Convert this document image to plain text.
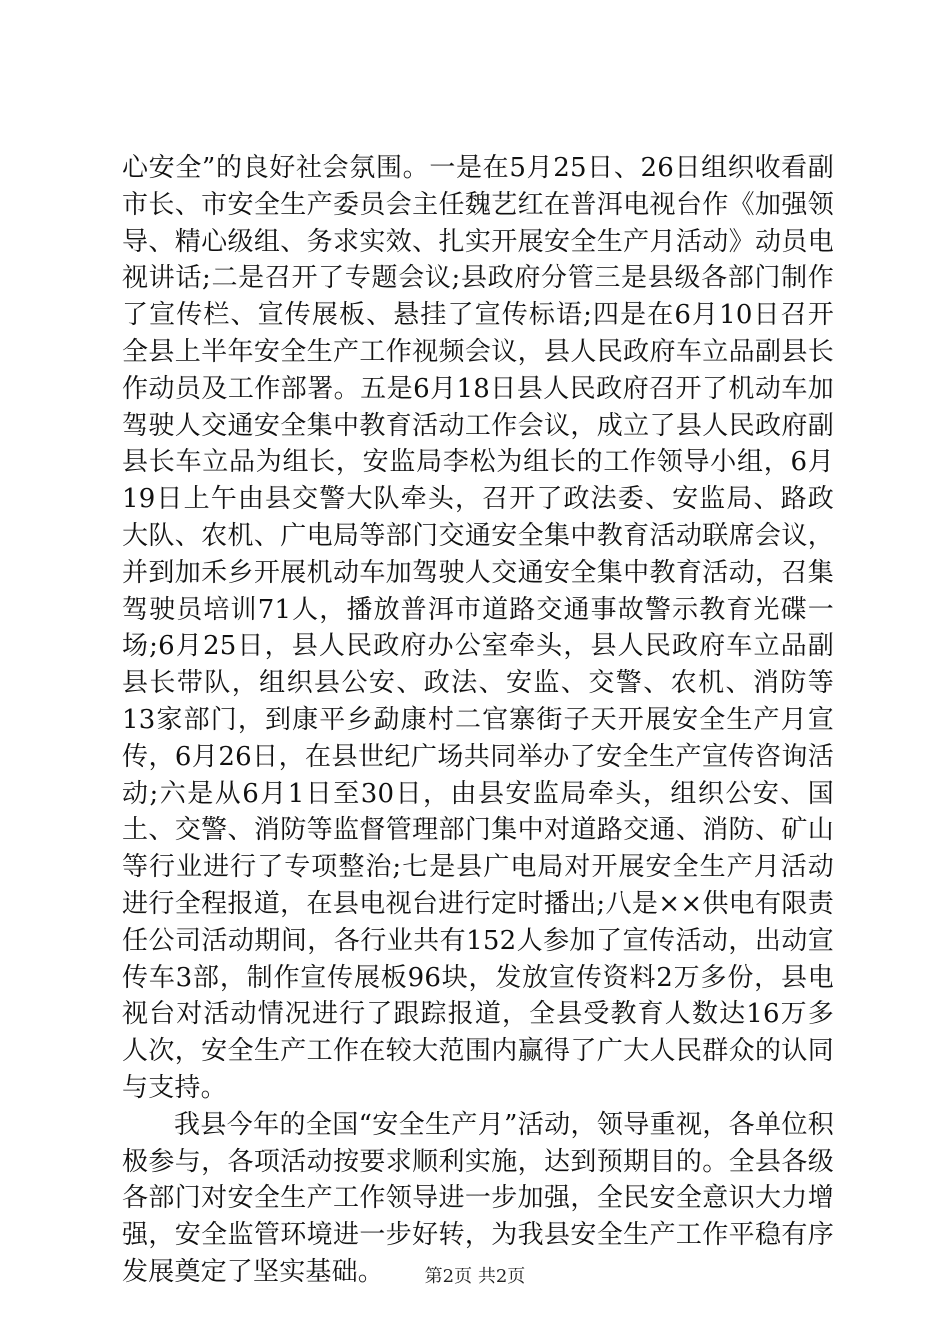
心安全”的良好社会氛围。一是在5月25日、26日组织收看副市长、市安全生产委员会主任魏艺红在普洱电视台作《加强领导、精心级组、务求实效、扎实开展安全生产月活动》动员电视讲话;二是召开了专题会议;县政府分管三是县级各部门制作了宣传栏、宣传展板、悬挂了宣传标语;四是在6月10日召开全县上半年安全生产工作视频会议，县人民政府车立品副县长作动员及工作部署。五是6月18日县人民政府召开了机动车加驾驶人交通安全集中教育活动工作会议，成立了县人民政府副县长车立品为组长，安监局李松为组长的工作领导小组，6月19日上午由县交警大队牵头，召开了政法委、安监局、路政大队、农机、广电局等部门交通安全集中教育活动联席会议，并到加禾乡开展机动车加驾驶人交通安全集中教育活动，召集驾驶员培训71人，播放普洱市道路交通事故警示教育光碟一场;6月25日，县人民政府办公室牵头，县人民政府车立品副县长带队，组织县公安、政法、安监、交警、农机、消防等13家部门，到康平乡勐康村二官寨街子天开展安全生产月宣传，6月26日，在县世纪广场共同举办了安全生产宣传咨询活动;六是从6月1日至30日，由县安监局牵头，组织公安、国土、交警、消防等监督管理部门集中对道路交通、消防、矿山等行业进行了专项整治;七是县广电局对开展安全生产月活动进行全程报道，在县电视台进行定时播出;八是××供电有限责任公司活动期间，各行业共有152人参加了宣传活动，出动宣传车3部，制作宣传展板96块，发放宣传资料2万多份，县电视台对活动情况进行了跟踪报道，全县受教育人数达16万多人次，安全生产工作在较大范围内赢得了广大人民群众的认同与支持。

我县今年的全国“安全生产月”活动，领导重视，各单位积极参与，各项活动按要求顺利实施，达到预期目的。全县各级各部门对安全生产工作领导进一步加强，全民安全意识大力增强，安全监管环境进一步好转，为我县安全生产工作平稳有序发展奠定了坚实基础。	第2页 共2页
